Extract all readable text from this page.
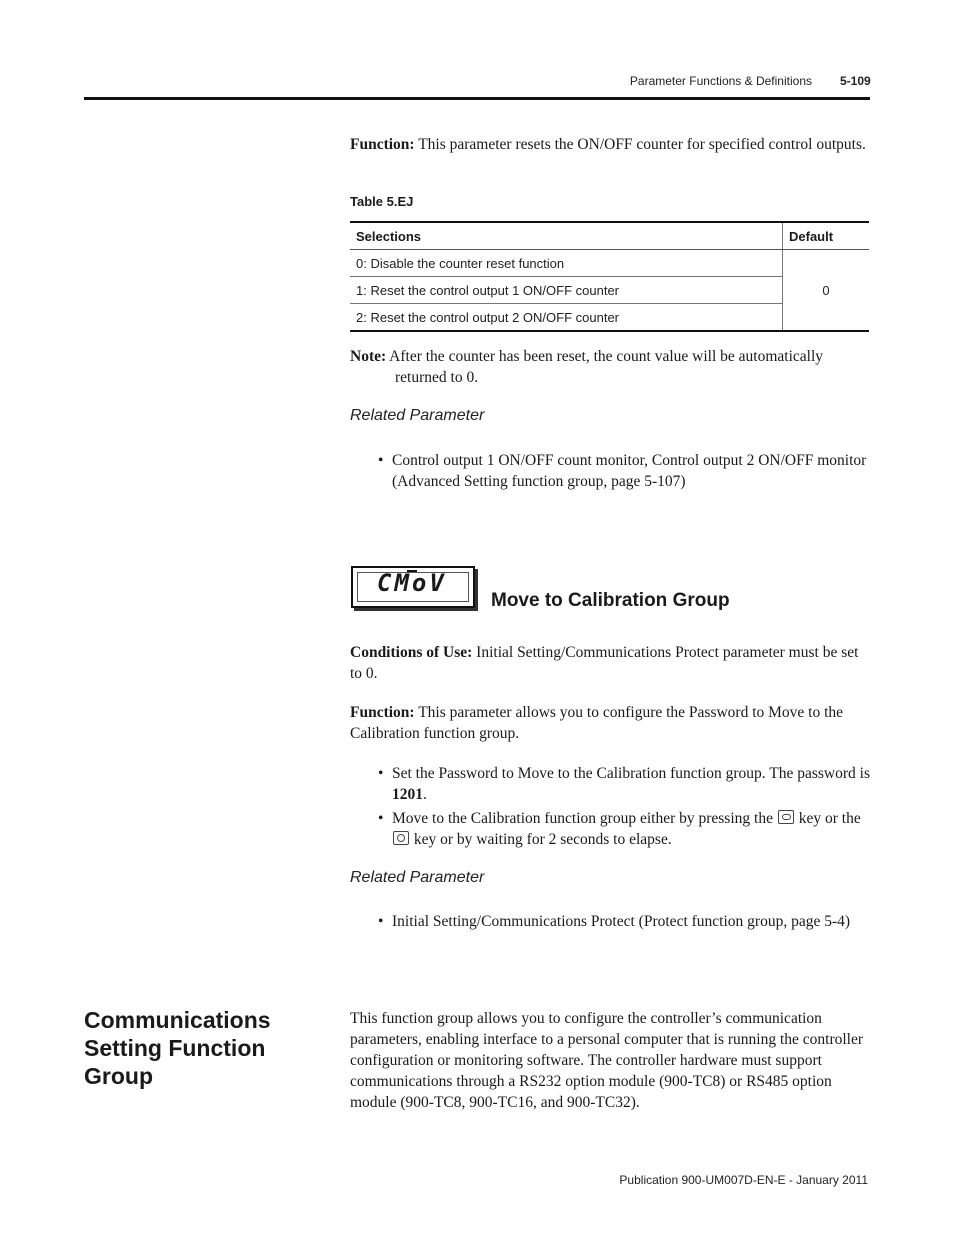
Parameter Functions & Definitions 5-109
Function: This parameter resets the ON/OFF counter for specified control outputs.
Table 5.EJ
Selections	Default
0: Disable the counter reset function	0
1: Reset the control output 1 ON/OFF counter	
2: Reset the control output 2 ON/OFF counter	
Note: After the counter has been reset, the count value will be automatically
returned to 0.
Related Parameter
• Control output 1 ON/OFF count monitor, Control output 2 ON/OFF monitor (Advanced Setting function group, page 5-107)
CMoV
Move to Calibration Group
Conditions of Use: Initial Setting/Communications Protect parameter must be set to 0.
Function: This parameter allows you to configure the Password to Move to the Calibration function group.
• Set the Password to Move to the Calibration function group. The password is 1201.
• Move to the Calibration function group either by pressing the  key or the  key or by waiting for 2 seconds to elapse.
Related Parameter
• Initial Setting/Communications Protect (Protect function group, page 5-4)
Communications Setting Function Group
This function group allows you to configure the controller’s communication parameters, enabling interface to a personal computer that is running the controller configuration or monitoring software. The controller hardware must support communications through a RS232 option module (900-TC8) or RS485 option module (900-TC8, 900-TC16, and 900-TC32).
Publication 900-UM007D-EN-E - January 2011
